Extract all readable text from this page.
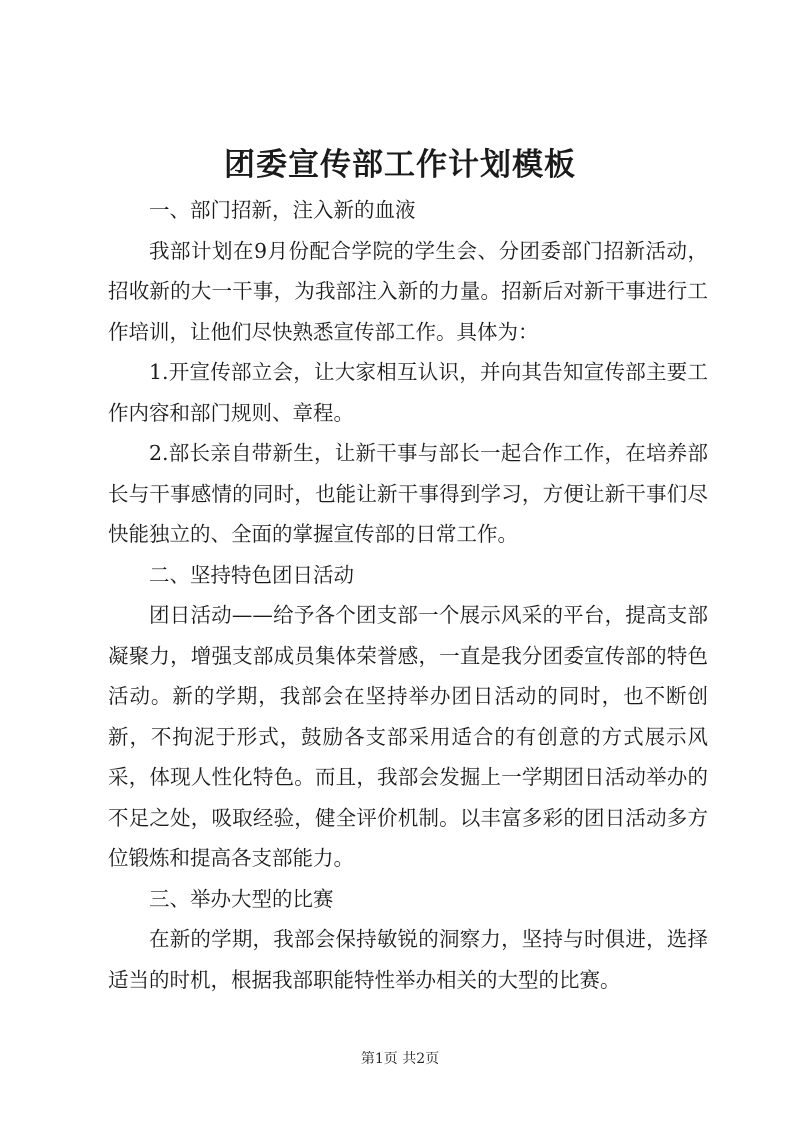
团委宣传部工作计划模板

一、部门招新，注入新的血液

我部计划在9月份配合学院的学生会、分团委部门招新活动，招收新的大一干事，为我部注入新的力量。招新后对新干事进行工作培训，让他们尽快熟悉宣传部工作。具体为：

1.开宣传部立会，让大家相互认识，并向其告知宣传部主要工作内容和部门规则、章程。

2.部长亲自带新生，让新干事与部长一起合作工作，在培养部长与干事感情的同时，也能让新干事得到学习，方便让新干事们尽快能独立的、全面的掌握宣传部的日常工作。

二、坚持特色团日活动

团日活动——给予各个团支部一个展示风采的平台，提高支部凝聚力，增强支部成员集体荣誉感，一直是我分团委宣传部的特色活动。新的学期，我部会在坚持举办团日活动的同时，也不断创新，不拘泥于形式，鼓励各支部采用适合的有创意的方式展示风采，体现人性化特色。而且，我部会发掘上一学期团日活动举办的不足之处，吸取经验，健全评价机制。以丰富多彩的团日活动多方位锻炼和提高各支部能力。

三、举办大型的比赛

在新的学期，我部会保持敏锐的洞察力，坚持与时俱进，选择适当的时机，根据我部职能特性举办相关的大型的比赛。

第1页 共2页
